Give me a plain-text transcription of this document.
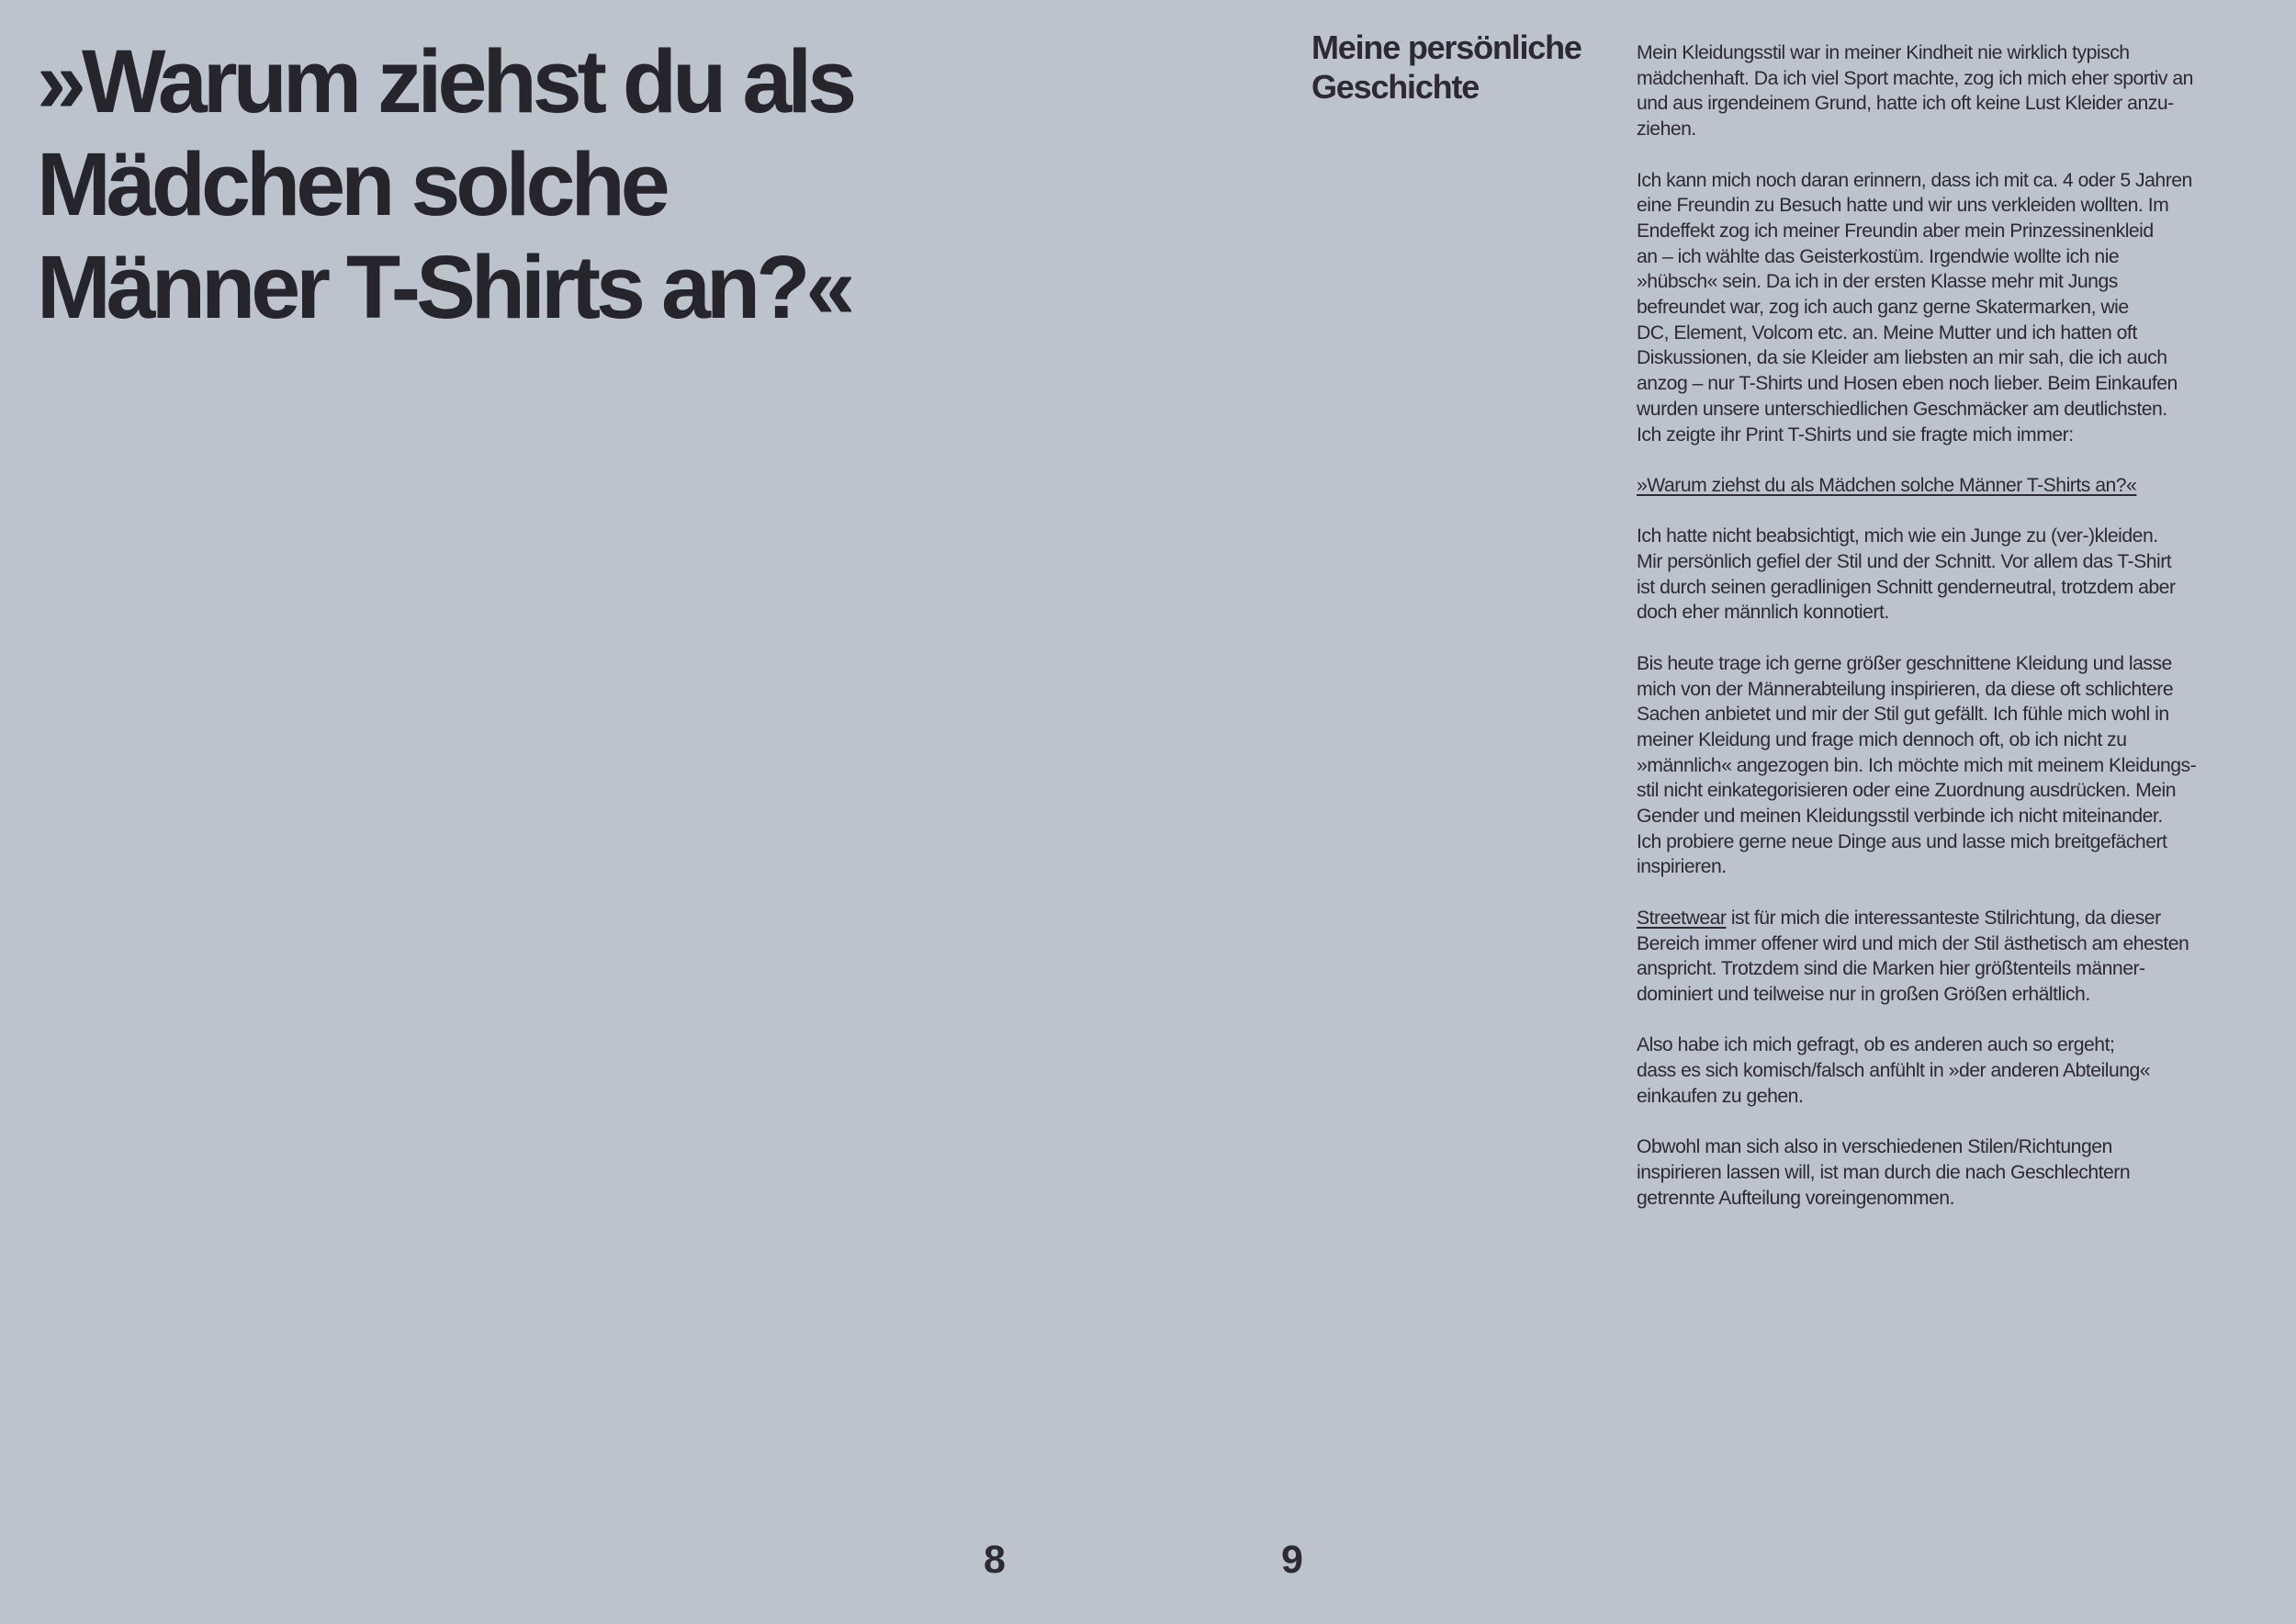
»Warum ziehst du als
Mädchen solche
Männer T-Shirts an?«
Meine persönliche
Geschichte

Mein Kleidungsstil war in meiner Kindheit nie wirklich typisch
mädchenhaft. Da ich viel Sport machte, zog ich mich eher sportiv an
und aus irgendeinem Grund, hatte ich oft keine Lust Kleider anzu-
ziehen.

Ich kann mich noch daran erinnern, dass ich mit ca. 4 oder 5 Jahren
eine Freundin zu Besuch hatte und wir uns verkleiden wollten. Im
Endeffekt zog ich meiner Freundin aber mein Prinzessinenkleid
an – ich wählte das Geisterkostüm. Irgendwie wollte ich nie
»hübsch« sein. Da ich in der ersten Klasse mehr mit Jungs
befreundet war, zog ich auch ganz gerne Skatermarken, wie
DC, Element, Volcom etc. an. Meine Mutter und ich hatten oft
Diskussionen, da sie Kleider am liebsten an mir sah, die ich auch
anzog – nur T-Shirts und Hosen eben noch lieber. Beim Einkaufen
wurden unsere unterschiedlichen Geschmäcker am deutlichsten.
Ich zeigte ihr Print T-Shirts und sie fragte mich immer:

»Warum ziehst du als Mädchen solche Männer T-Shirts an?«

Ich hatte nicht beabsichtigt, mich wie ein Junge zu (ver-)kleiden.
Mir persönlich gefiel der Stil und der Schnitt. Vor allem das T-Shirt
ist durch seinen geradlinigen Schnitt genderneutral, trotzdem aber
doch eher männlich konnotiert.

Bis heute trage ich gerne größer geschnittene Kleidung und lasse
mich von der Männerabteilung inspirieren, da diese oft schlichtere
Sachen anbietet und mir der Stil gut gefällt. Ich fühle mich wohl in
meiner Kleidung und frage mich dennoch oft, ob ich nicht zu
»männlich« angezogen bin. Ich möchte mich mit meinem Kleidungs-
stil nicht einkategorisieren oder eine Zuordnung ausdrücken. Mein
Gender und meinen Kleidungsstil verbinde ich nicht miteinander.
Ich probiere gerne neue Dinge aus und lasse mich breitgefächert
inspirieren.

Streetwear ist für mich die interessanteste Stilrichtung, da dieser
Bereich immer offener wird und mich der Stil ästhetisch am ehesten
anspricht. Trotzdem sind die Marken hier größtenteils männer-
dominiert und teilweise nur in großen Größen erhältlich.

Also habe ich mich gefragt, ob es anderen auch so ergeht;
dass es sich komisch/falsch anfühlt in »der anderen Abteilung«
einkaufen zu gehen.

Obwohl man sich also in verschiedenen Stilen/Richtungen
inspirieren lassen will, ist man durch die nach Geschlechtern
getrennte Aufteilung voreingenommen.

8	9
